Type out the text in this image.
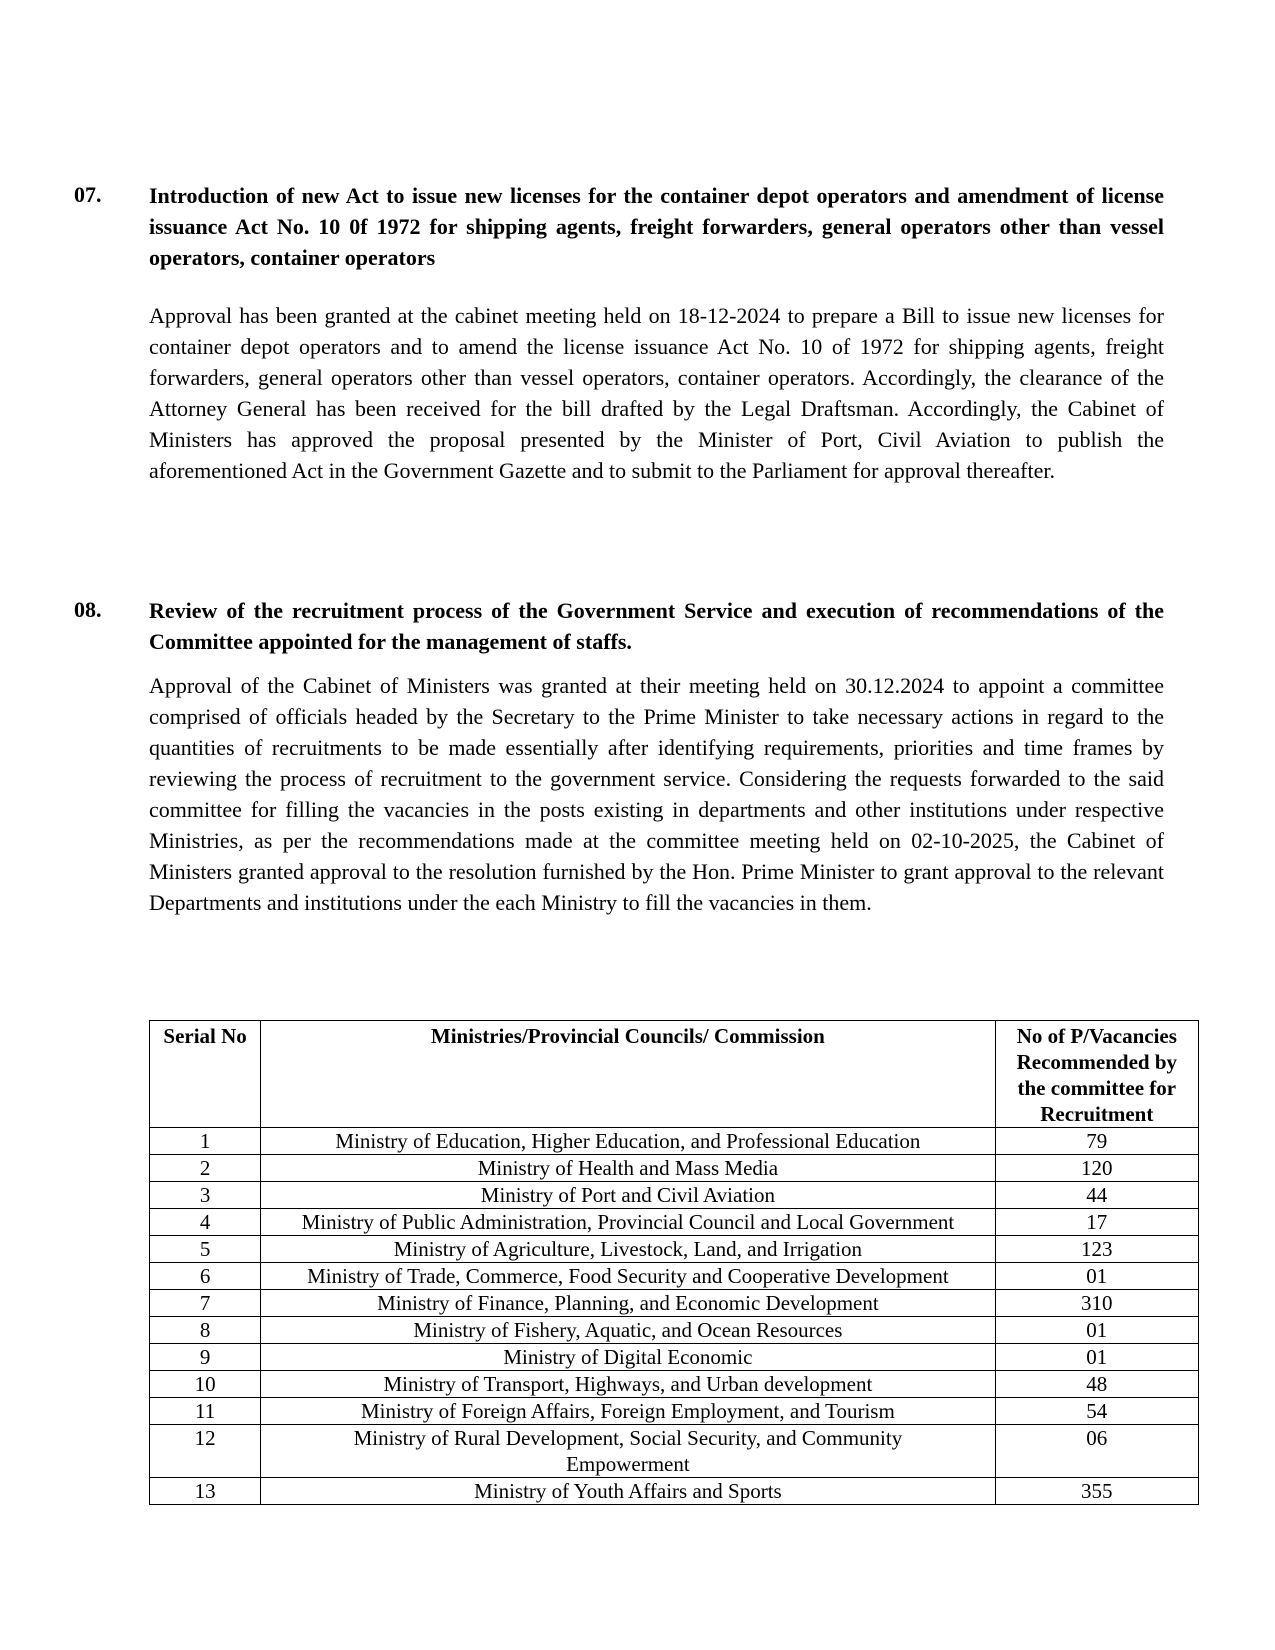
07. Introduction of new Act to issue new licenses for the container depot operators and amendment of license issuance Act No. 10 0f 1972 for shipping agents, freight forwarders, general operators other than vessel operators, container operators
Approval has been granted at the cabinet meeting held on 18-12-2024 to prepare a Bill to issue new licenses for container depot operators and to amend the license issuance Act No. 10 of 1972 for shipping agents, freight forwarders, general operators other than vessel operators, container operators. Accordingly, the clearance of the Attorney General has been received for the bill drafted by the Legal Draftsman. Accordingly, the Cabinet of Ministers has approved the proposal presented by the Minister of Port, Civil Aviation to publish the aforementioned Act in the Government Gazette and to submit to the Parliament for approval thereafter.
08. Review of the recruitment process of the Government Service and execution of recommendations of the Committee appointed for the management of staffs.
Approval of the Cabinet of Ministers was granted at their meeting held on 30.12.2024 to appoint a committee comprised of officials headed by the Secretary to the Prime Minister to take necessary actions in regard to the quantities of recruitments to be made essentially after identifying requirements, priorities and time frames by reviewing the process of recruitment to the government service. Considering the requests forwarded to the said committee for filling the vacancies in the posts existing in departments and other institutions under respective Ministries, as per the recommendations made at the committee meeting held on 02-10-2025, the Cabinet of Ministers granted approval to the resolution furnished by the Hon. Prime Minister to grant approval to the relevant Departments and institutions under the each Ministry to fill the vacancies in them.
Serial No	Ministries/Provincial Councils/ Commission	No of P/Vacancies Recommended by the committee for Recruitment
1	Ministry of Education, Higher Education, and Professional Education	79
2	Ministry of Health and Mass Media	120
3	Ministry of Port and Civil Aviation	44
4	Ministry of Public Administration, Provincial Council and Local Government	17
5	Ministry of Agriculture, Livestock, Land, and Irrigation	123
6	Ministry of Trade, Commerce, Food Security and Cooperative Development	01
7	Ministry of Finance, Planning, and Economic Development	310
8	Ministry of Fishery, Aquatic, and Ocean Resources	01
9	Ministry of Digital Economic	01
10	Ministry of Transport, Highways, and Urban development	48
11	Ministry of Foreign Affairs, Foreign Employment, and Tourism	54
12	Ministry of Rural Development, Social Security, and Community Empowerment	06
13	Ministry of Youth Affairs and Sports	355
